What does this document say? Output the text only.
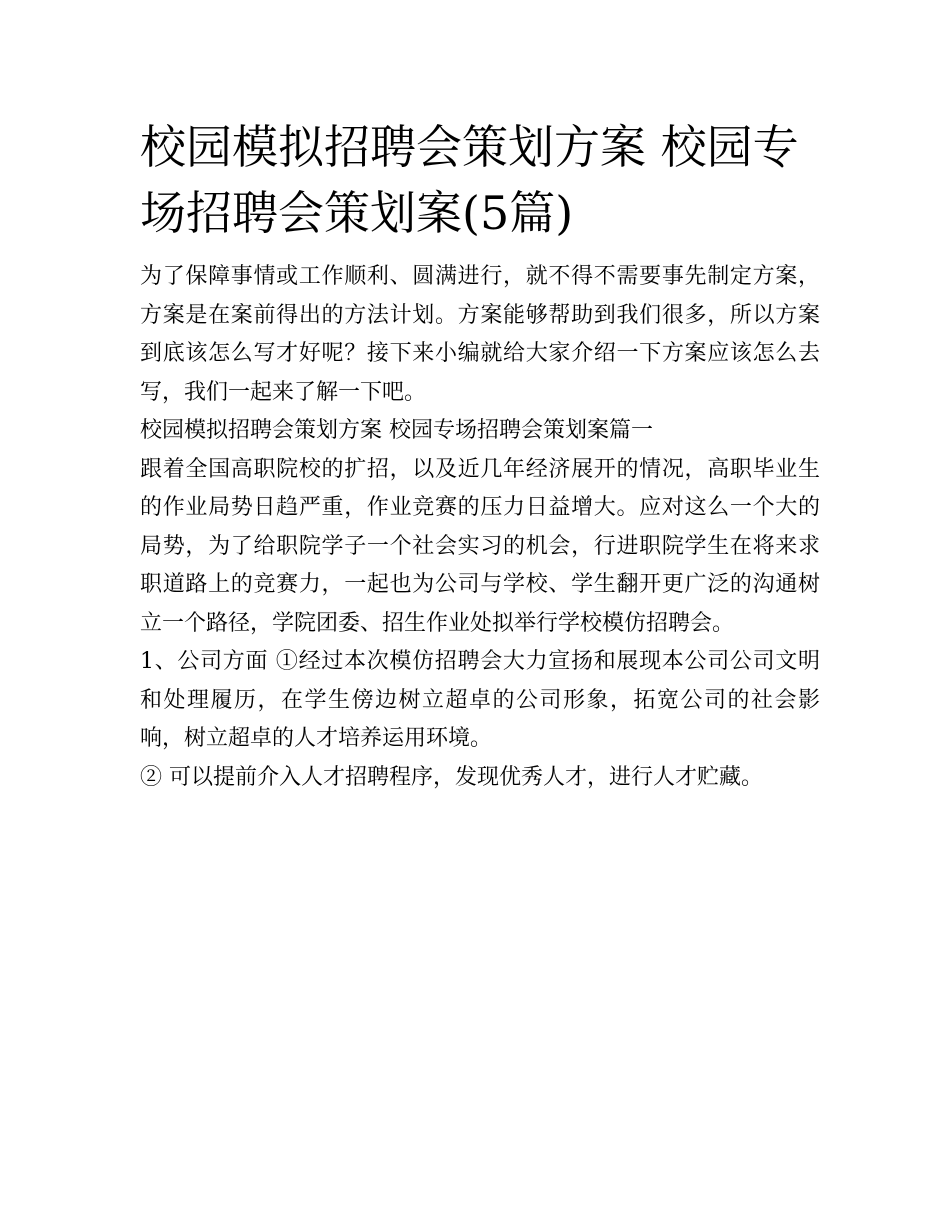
校园模拟招聘会策划方案 校园专场招聘会策划案(5篇)

为了保障事情或工作顺利、圆满进行，就不得不需要事先制定方案，方案是在案前得出的方法计划。方案能够帮助到我们很多，所以方案到底该怎么写才好呢？接下来小编就给大家介绍一下方案应该怎么去写，我们一起来了解一下吧。

校园模拟招聘会策划方案 校园专场招聘会策划案篇一

跟着全国高职院校的扩招，以及近几年经济展开的情况，高职毕业生的作业局势日趋严重，作业竞赛的压力日益增大。应对这么一个大的局势，为了给职院学子一个社会实习的机会，行进职院学生在将来求职道路上的竞赛力，一起也为公司与学校、学生翻开更广泛的沟通树立一个路径，学院团委、招生作业处拟举行学校模仿招聘会。

1、公司方面 ①经过本次模仿招聘会大力宣扬和展现本公司公司文明和处理履历，在学生傍边树立超卓的公司形象，拓宽公司的社会影响，树立超卓的人才培养运用环境。

② 可以提前介入人才招聘程序，发现优秀人才，进行人才贮藏。
